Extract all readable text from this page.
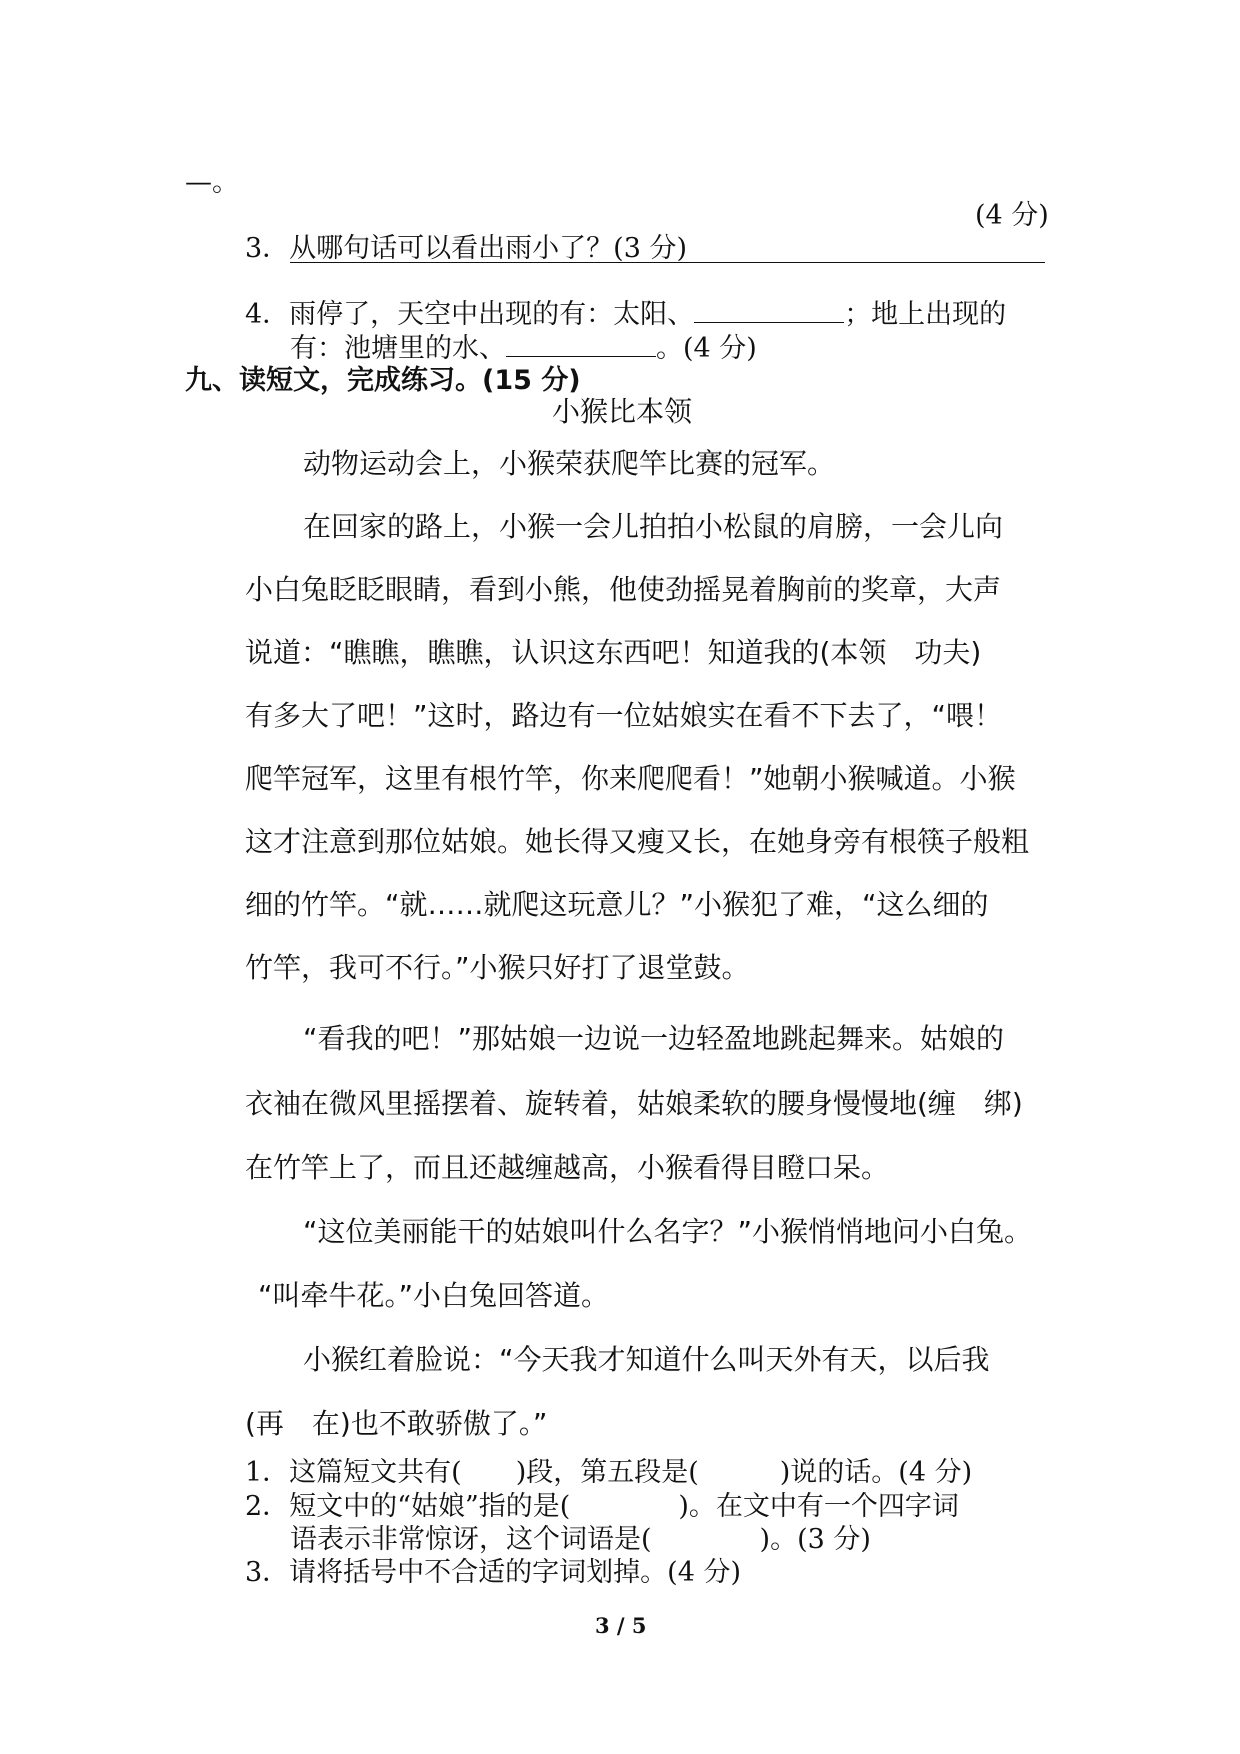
—。
(4 分)
3．从哪句话可以看出雨小了？(3 分)
4．雨停了，天空中出现的有：太阳、	；地上出现的
有：池塘里的水、	。(4 分)
九、读短文，完成练习。(15 分)
小猴比本领
动物运动会上，小猴荣获爬竿比赛的冠军。
在回家的路上，小猴一会儿拍拍小松鼠的肩膀，一会儿向
小白兔眨眨眼睛，看到小熊，他使劲摇晃着胸前的奖章，大声
说道：“瞧瞧，瞧瞧，认识这东西吧！知道我的(本领　功夫)
有多大了吧！”这时，路边有一位姑娘实在看不下去了，“喂！
爬竿冠军，这里有根竹竿，你来爬爬看！”她朝小猴喊道。小猴
这才注意到那位姑娘。她长得又瘦又长，在她身旁有根筷子般粗
细的竹竿。“就……就爬这玩意儿？”小猴犯了难，“这么细的
竹竿，我可不行。”小猴只好打了退堂鼓。
“看我的吧！”那姑娘一边说一边轻盈地跳起舞来。姑娘的
衣袖在微风里摇摆着、旋转着，姑娘柔软的腰身慢慢地(缠　绑)
在竹竿上了，而且还越缠越高，小猴看得目瞪口呆。
“这位美丽能干的姑娘叫什么名字？”小猴悄悄地问小白兔。
“叫牵牛花。”小白兔回答道。
小猴红着脸说：“今天我才知道什么叫天外有天，以后我
(再　在)也不敢骄傲了。”
1．这篇短文共有(　　)段，第五段是(　　　)说的话。(4 分)
2．短文中的“姑娘”指的是(　　　　)。在文中有一个四字词
语表示非常惊讶，这个词语是(　　　　)。(3 分)
3．请将括号中不合适的字词划掉。(4 分)
3 / 5
